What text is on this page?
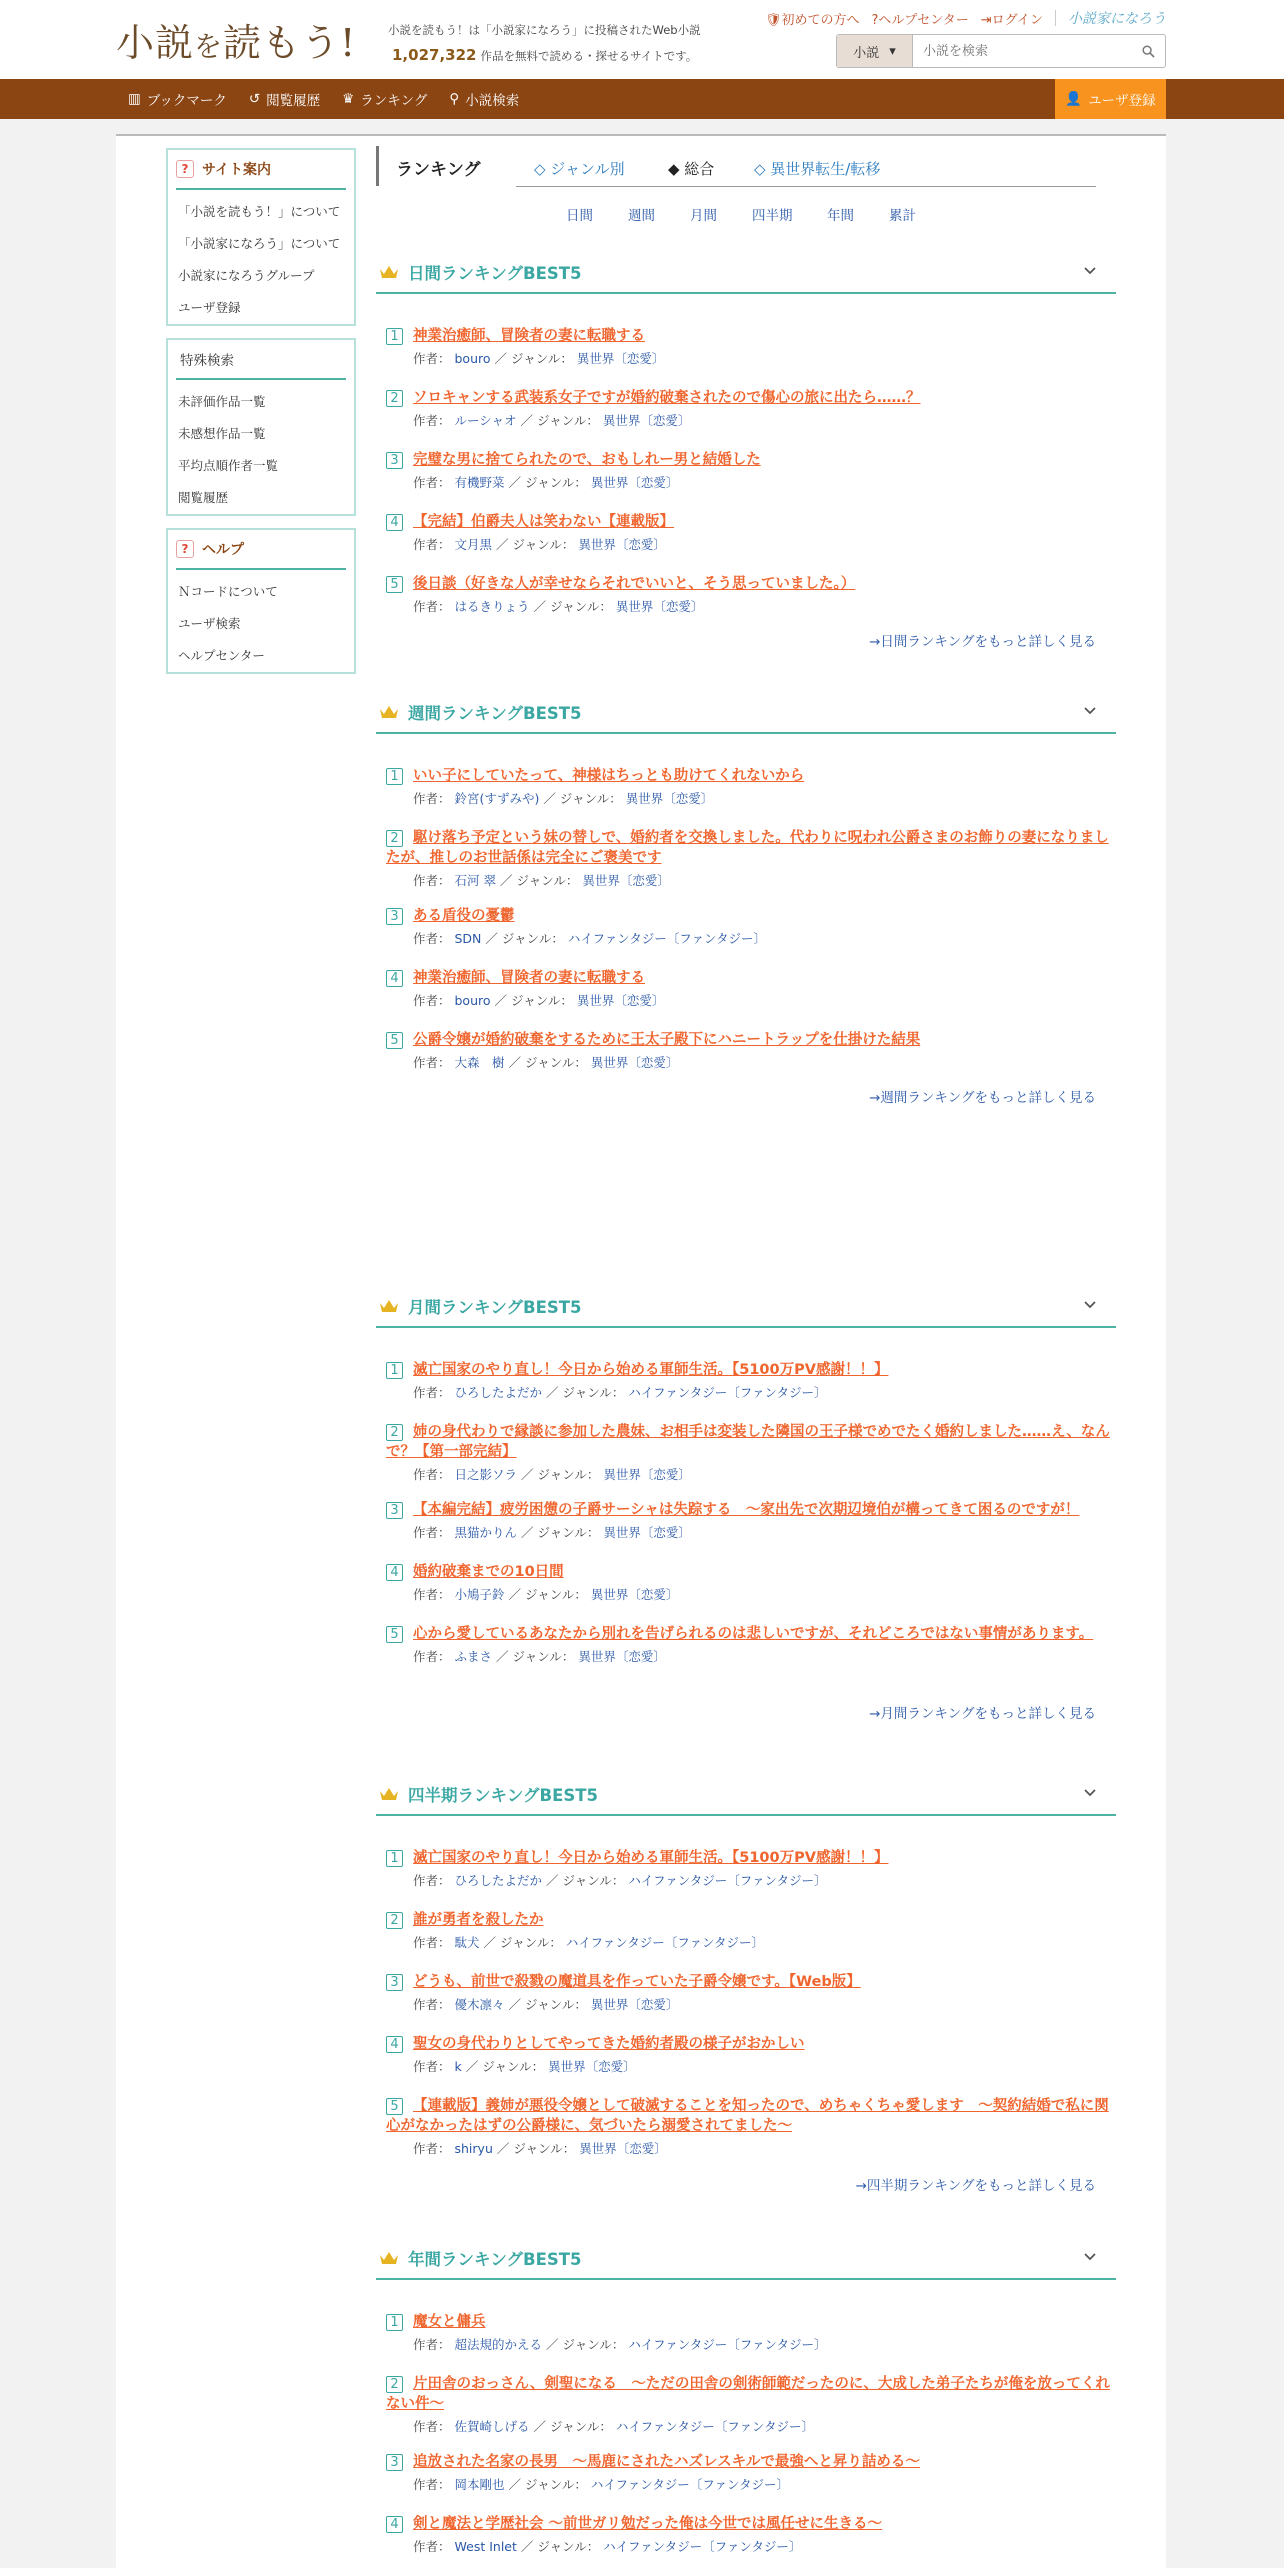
小説を読もう!	小説を読もう！は「小説家になろう」に投稿されたWeb小説
1,027,322 作品を無料で読める・探せるサイトです。
🛡初めての方へ ?ヘルプセンター ⇥ログイン 小説家になろう
小説 ▾
小説を検索
▥ ブックマーク ↺ 閲覧履歴 ♛ ランキング ⚲ 小説検索	👤 ユーザ登録
? サイト案内
「小説を読もう！」について
「小説家になろう」について
小説家になろうグループ
ユーザ登録
特殊検索
未評価作品一覧
未感想作品一覧
平均点順作者一覧
閲覧履歴
? ヘルプ
Ｎコードについて
ユーザ検索
ヘルプセンター
ランキング	◇ ジャンル別	◆ 総合	◇ 異世界転生/転移
日間	週間	月間	四半期	年間	累計
日間ランキングBEST5
1 神業治癒師、冒険者の妻に転職する
作者： bouro ／ ジャンル： 異世界〔恋愛〕
2 ソロキャンする武装系女子ですが婚約破棄されたので傷心の旅に出たら……？
作者： ルーシャオ ／ ジャンル： 異世界〔恋愛〕
3 完璧な男に捨てられたので、おもしれー男と結婚した
作者： 有機野菜 ／ ジャンル： 異世界〔恋愛〕
4 【完結】伯爵夫人は笑わない【連載版】
作者： 文月黒 ／ ジャンル： 異世界〔恋愛〕
5 後日談（好きな人が幸せならそれでいいと、そう思っていました。）
作者： はるきりょう ／ ジャンル： 異世界〔恋愛〕
→日間ランキングをもっと詳しく見る
週間ランキングBEST5
1 いい子にしていたって、神様はちっとも助けてくれないから
作者： 鈴宮(すずみや) ／ ジャンル： 異世界〔恋愛〕
2 駆け落ち予定という妹の替しで、婚約者を交換しました。代わりに呪われ公爵さまのお飾りの妻になりましたが、推しのお世話係は完全にご褒美です
作者： 石河 翠 ／ ジャンル： 異世界〔恋愛〕
3 ある盾役の憂鬱
作者： SDN ／ ジャンル： ハイファンタジー〔ファンタジー〕
4 神業治癒師、冒険者の妻に転職する
作者： bouro ／ ジャンル： 異世界〔恋愛〕
5 公爵令嬢が婚約破棄をするために王太子殿下にハニートラップを仕掛けた結果
作者： 大森　樹 ／ ジャンル： 異世界〔恋愛〕
→週間ランキングをもっと詳しく見る
月間ランキングBEST5
1 滅亡国家のやり直し！今日から始める軍師生活。【5100万PV感謝！！】
作者： ひろしたよだか ／ ジャンル： ハイファンタジー〔ファンタジー〕
2 姉の身代わりで縁談に参加した農妹、お相手は変装した隣国の王子様でめでたく婚約しました……え、なんで？【第一部完結】
作者： 日之影ソラ ／ ジャンル： 異世界〔恋愛〕
3 【本編完結】疲労困憊の子爵サーシャは失踪する　〜家出先で次期辺境伯が構ってきて困るのですが！
作者： 黒猫かりん ／ ジャンル： 異世界〔恋愛〕
4 婚約破棄までの10日間
作者： 小鳩子鈴 ／ ジャンル： 異世界〔恋愛〕
5 心から愛しているあなたから別れを告げられるのは悲しいですが、それどころではない事情があります。
作者： ふまさ ／ ジャンル： 異世界〔恋愛〕
→月間ランキングをもっと詳しく見る
四半期ランキングBEST5
1 滅亡国家のやり直し！今日から始める軍師生活。【5100万PV感謝！！】
作者： ひろしたよだか ／ ジャンル： ハイファンタジー〔ファンタジー〕
2 誰が勇者を殺したか
作者： 駄犬 ／ ジャンル： ハイファンタジー〔ファンタジー〕
3 どうも、前世で殺戮の魔道具を作っていた子爵令嬢です。【Web版】
作者： 優木凛々 ／ ジャンル： 異世界〔恋愛〕
4 聖女の身代わりとしてやってきた婚約者殿の様子がおかしい
作者： k ／ ジャンル： 異世界〔恋愛〕
5 【連載版】義姉が悪役令嬢として破滅することを知ったので、めちゃくちゃ愛します　〜契約結婚で私に関心がなかったはずの公爵様に、気づいたら溺愛されてました〜
作者： shiryu ／ ジャンル： 異世界〔恋愛〕
→四半期ランキングをもっと詳しく見る
年間ランキングBEST5
1 魔女と傭兵
作者： 超法規的かえる ／ ジャンル： ハイファンタジー〔ファンタジー〕
2 片田舎のおっさん、剣聖になる　〜ただの田舎の剣術師範だったのに、大成した弟子たちが俺を放ってくれない件〜
作者： 佐賀崎しげる ／ ジャンル： ハイファンタジー〔ファンタジー〕
3 追放された名家の長男　〜馬鹿にされたハズレスキルで最強へと昇り詰める〜
作者： 岡本剛也 ／ ジャンル： ハイファンタジー〔ファンタジー〕
4 剣と魔法と学歴社会 〜前世ガリ勉だった俺は今世では風任せに生きる〜
作者： West Inlet ／ ジャンル： ハイファンタジー〔ファンタジー〕
